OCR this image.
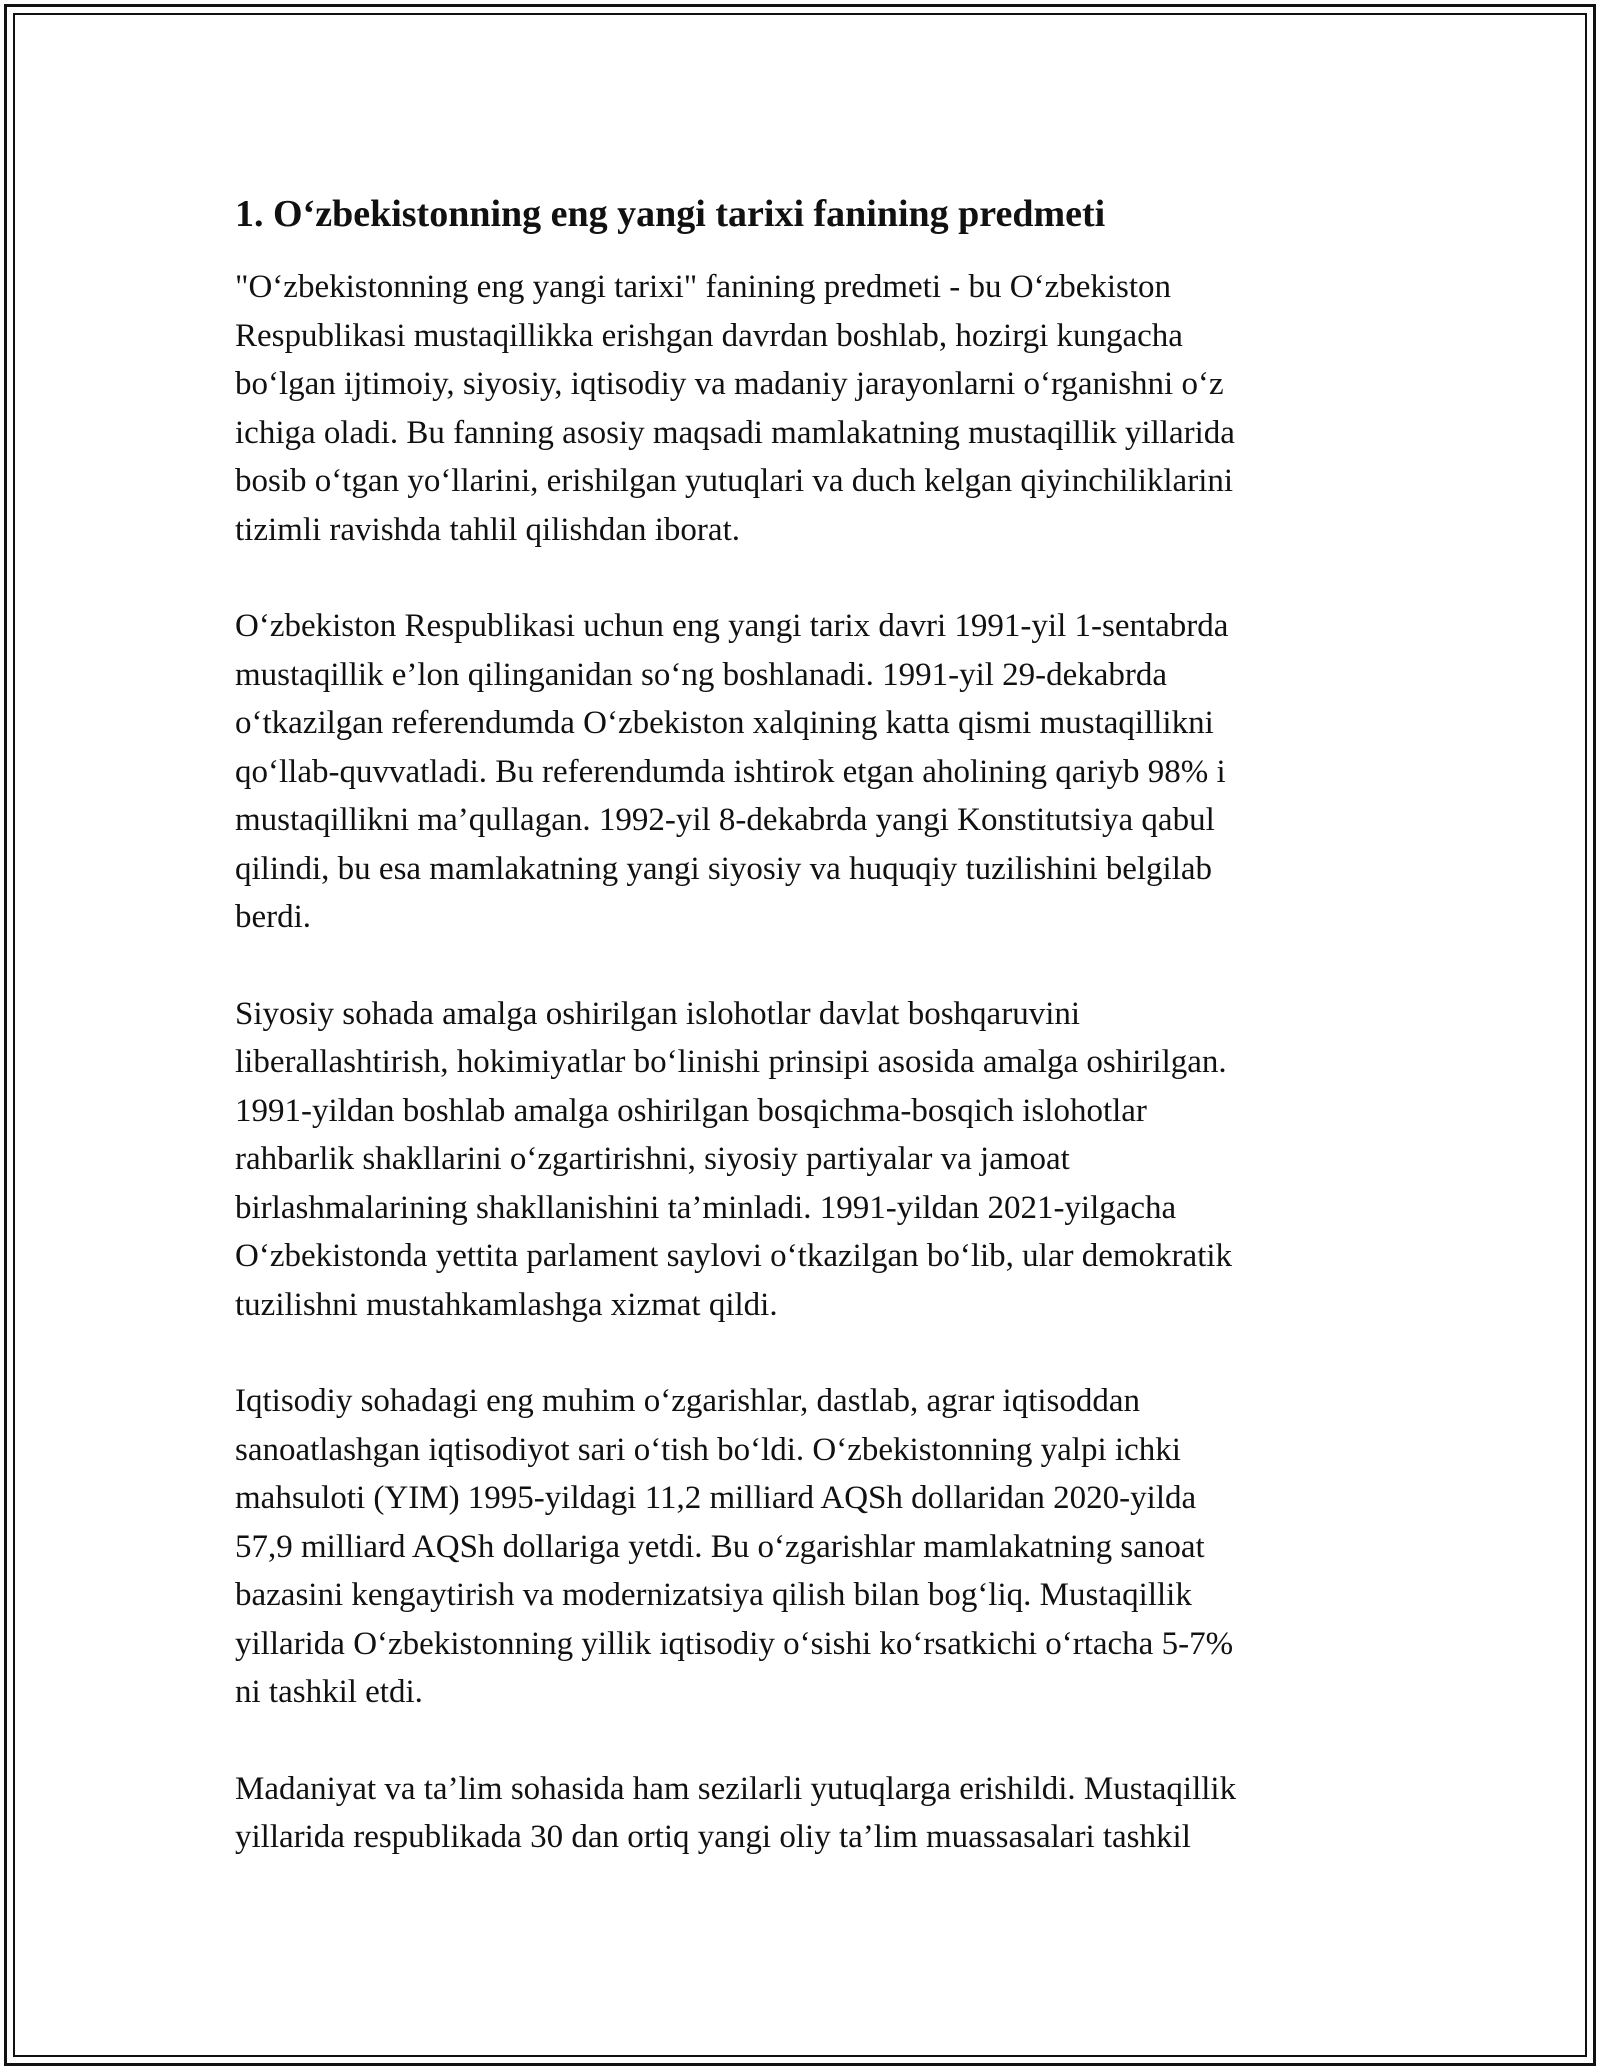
1. O‘zbekistonning eng yangi tarixi fanining predmeti

"O‘zbekistonning eng yangi tarixi" fanining predmeti - bu O‘zbekiston
Respublikasi mustaqillikka erishgan davrdan boshlab, hozirgi kungacha
bo‘lgan ijtimoiy, siyosiy, iqtisodiy va madaniy jarayonlarni o‘rganishni o‘z
ichiga oladi. Bu fanning asosiy maqsadi mamlakatning mustaqillik yillarida
bosib o‘tgan yo‘llarini, erishilgan yutuqlari va duch kelgan qiyinchiliklarini
tizimli ravishda tahlil qilishdan iborat.

O‘zbekiston Respublikasi uchun eng yangi tarix davri 1991-yil 1-sentabrda
mustaqillik e’lon qilinganidan so‘ng boshlanadi. 1991-yil 29-dekabrda
o‘tkazilgan referendumda O‘zbekiston xalqining katta qismi mustaqillikni
qo‘llab-quvvatladi. Bu referendumda ishtirok etgan aholining qariyb 98% i
mustaqillikni ma’qullagan. 1992-yil 8-dekabrda yangi Konstitutsiya qabul
qilindi, bu esa mamlakatning yangi siyosiy va huquqiy tuzilishini belgilab
berdi.

Siyosiy sohada amalga oshirilgan islohotlar davlat boshqaruvini
liberallashtirish, hokimiyatlar bo‘linishi prinsipi asosida amalga oshirilgan.
1991-yildan boshlab amalga oshirilgan bosqichma-bosqich islohotlar
rahbarlik shakllarini o‘zgartirishni, siyosiy partiyalar va jamoat
birlashmalarining shakllanishini ta’minladi. 1991-yildan 2021-yilgacha
O‘zbekistonda yettita parlament saylovi o‘tkazilgan bo‘lib, ular demokratik
tuzilishni mustahkamlashga xizmat qildi.

Iqtisodiy sohadagi eng muhim o‘zgarishlar, dastlab, agrar iqtisoddan
sanoatlashgan iqtisodiyot sari o‘tish bo‘ldi. O‘zbekistonning yalpi ichki
mahsuloti (YIM) 1995-yildagi 11,2 milliard AQSh dollaridan 2020-yilda
57,9 milliard AQSh dollariga yetdi. Bu o‘zgarishlar mamlakatning sanoat
bazasini kengaytirish va modernizatsiya qilish bilan bog‘liq. Mustaqillik
yillarida O‘zbekistonning yillik iqtisodiy o‘sishi ko‘rsatkichi o‘rtacha 5-7%
ni tashkil etdi.

Madaniyat va ta’lim sohasida ham sezilarli yutuqlarga erishildi. Mustaqillik
yillarida respublikada 30 dan ortiq yangi oliy ta’lim muassasalari tashkil
